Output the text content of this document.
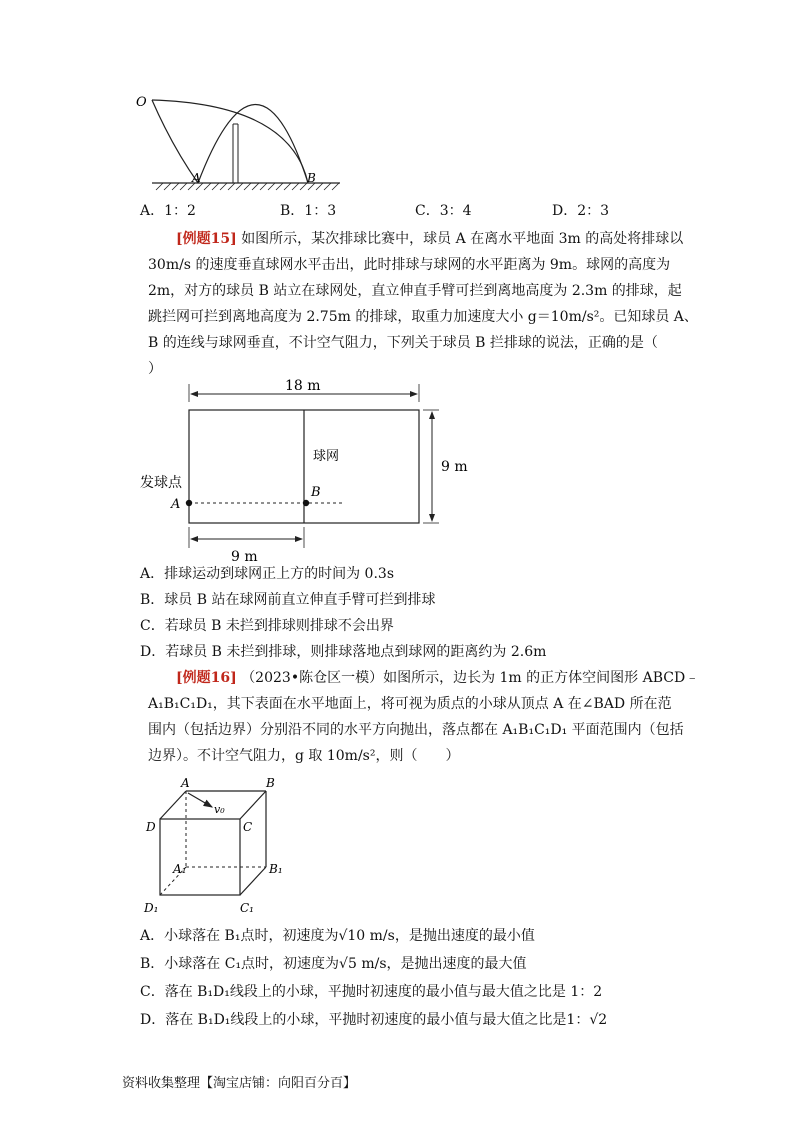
O
A	B
A．1：2	B．1：3	C．3：4	D．2：3
[例题15] 如图所示，某次排球比赛中，球员 A 在离水平地面 3m 的高处将排球以
30m/s 的速度垂直球网水平击出，此时排球与球网的水平距离为 9m。球网的高度为
2m，对方的球员 B 站立在球网处，直立伸直手臂可拦到离地高度为 2.3m 的排球，起
跳拦网可拦到离地高度为 2.75m 的排球，取重力加速度大小 g＝10m/s²。已知球员 A、
B 的连线与球网垂直，不计空气阻力，下列关于球员 B 拦排球的说法，正确的是（
）
18 m
球网
9 m
发球点
A
B
9 m
A．排球运动到球网正上方的时间为 0.3s
B．球员 B 站在球网前直立伸直手臂可拦到排球
C．若球员 B 未拦到排球则排球不会出界
D．若球员 B 未拦到排球，则排球落地点到球网的距离约为 2.6m
[例题16] （2023•陈仓区一模）如图所示，边长为 1m 的正方体空间图形 ABCD﹣
A₁B₁C₁D₁，其下表面在水平地面上，将可视为质点的小球从顶点 A 在∠BAD 所在范
围内（包括边界）分别沿不同的水平方向抛出，落点都在 A₁B₁C₁D₁ 平面范围内（包括
边界）。不计空气阻力，g 取 10m/s²，则（　　）
A	B
C
D
A₁	B₁
C₁
D₁
v₀
A．小球落在 B₁点时，初速度为√10 m/s，是抛出速度的最小值
B．小球落在 C₁点时，初速度为√5 m/s，是抛出速度的最大值
C．落在 B₁D₁线段上的小球，平抛时初速度的最小值与最大值之比是 1：2
D．落在 B₁D₁线段上的小球，平抛时初速度的最小值与最大值之比是1：√2
资料收集整理【淘宝店铺：向阳百分百】
